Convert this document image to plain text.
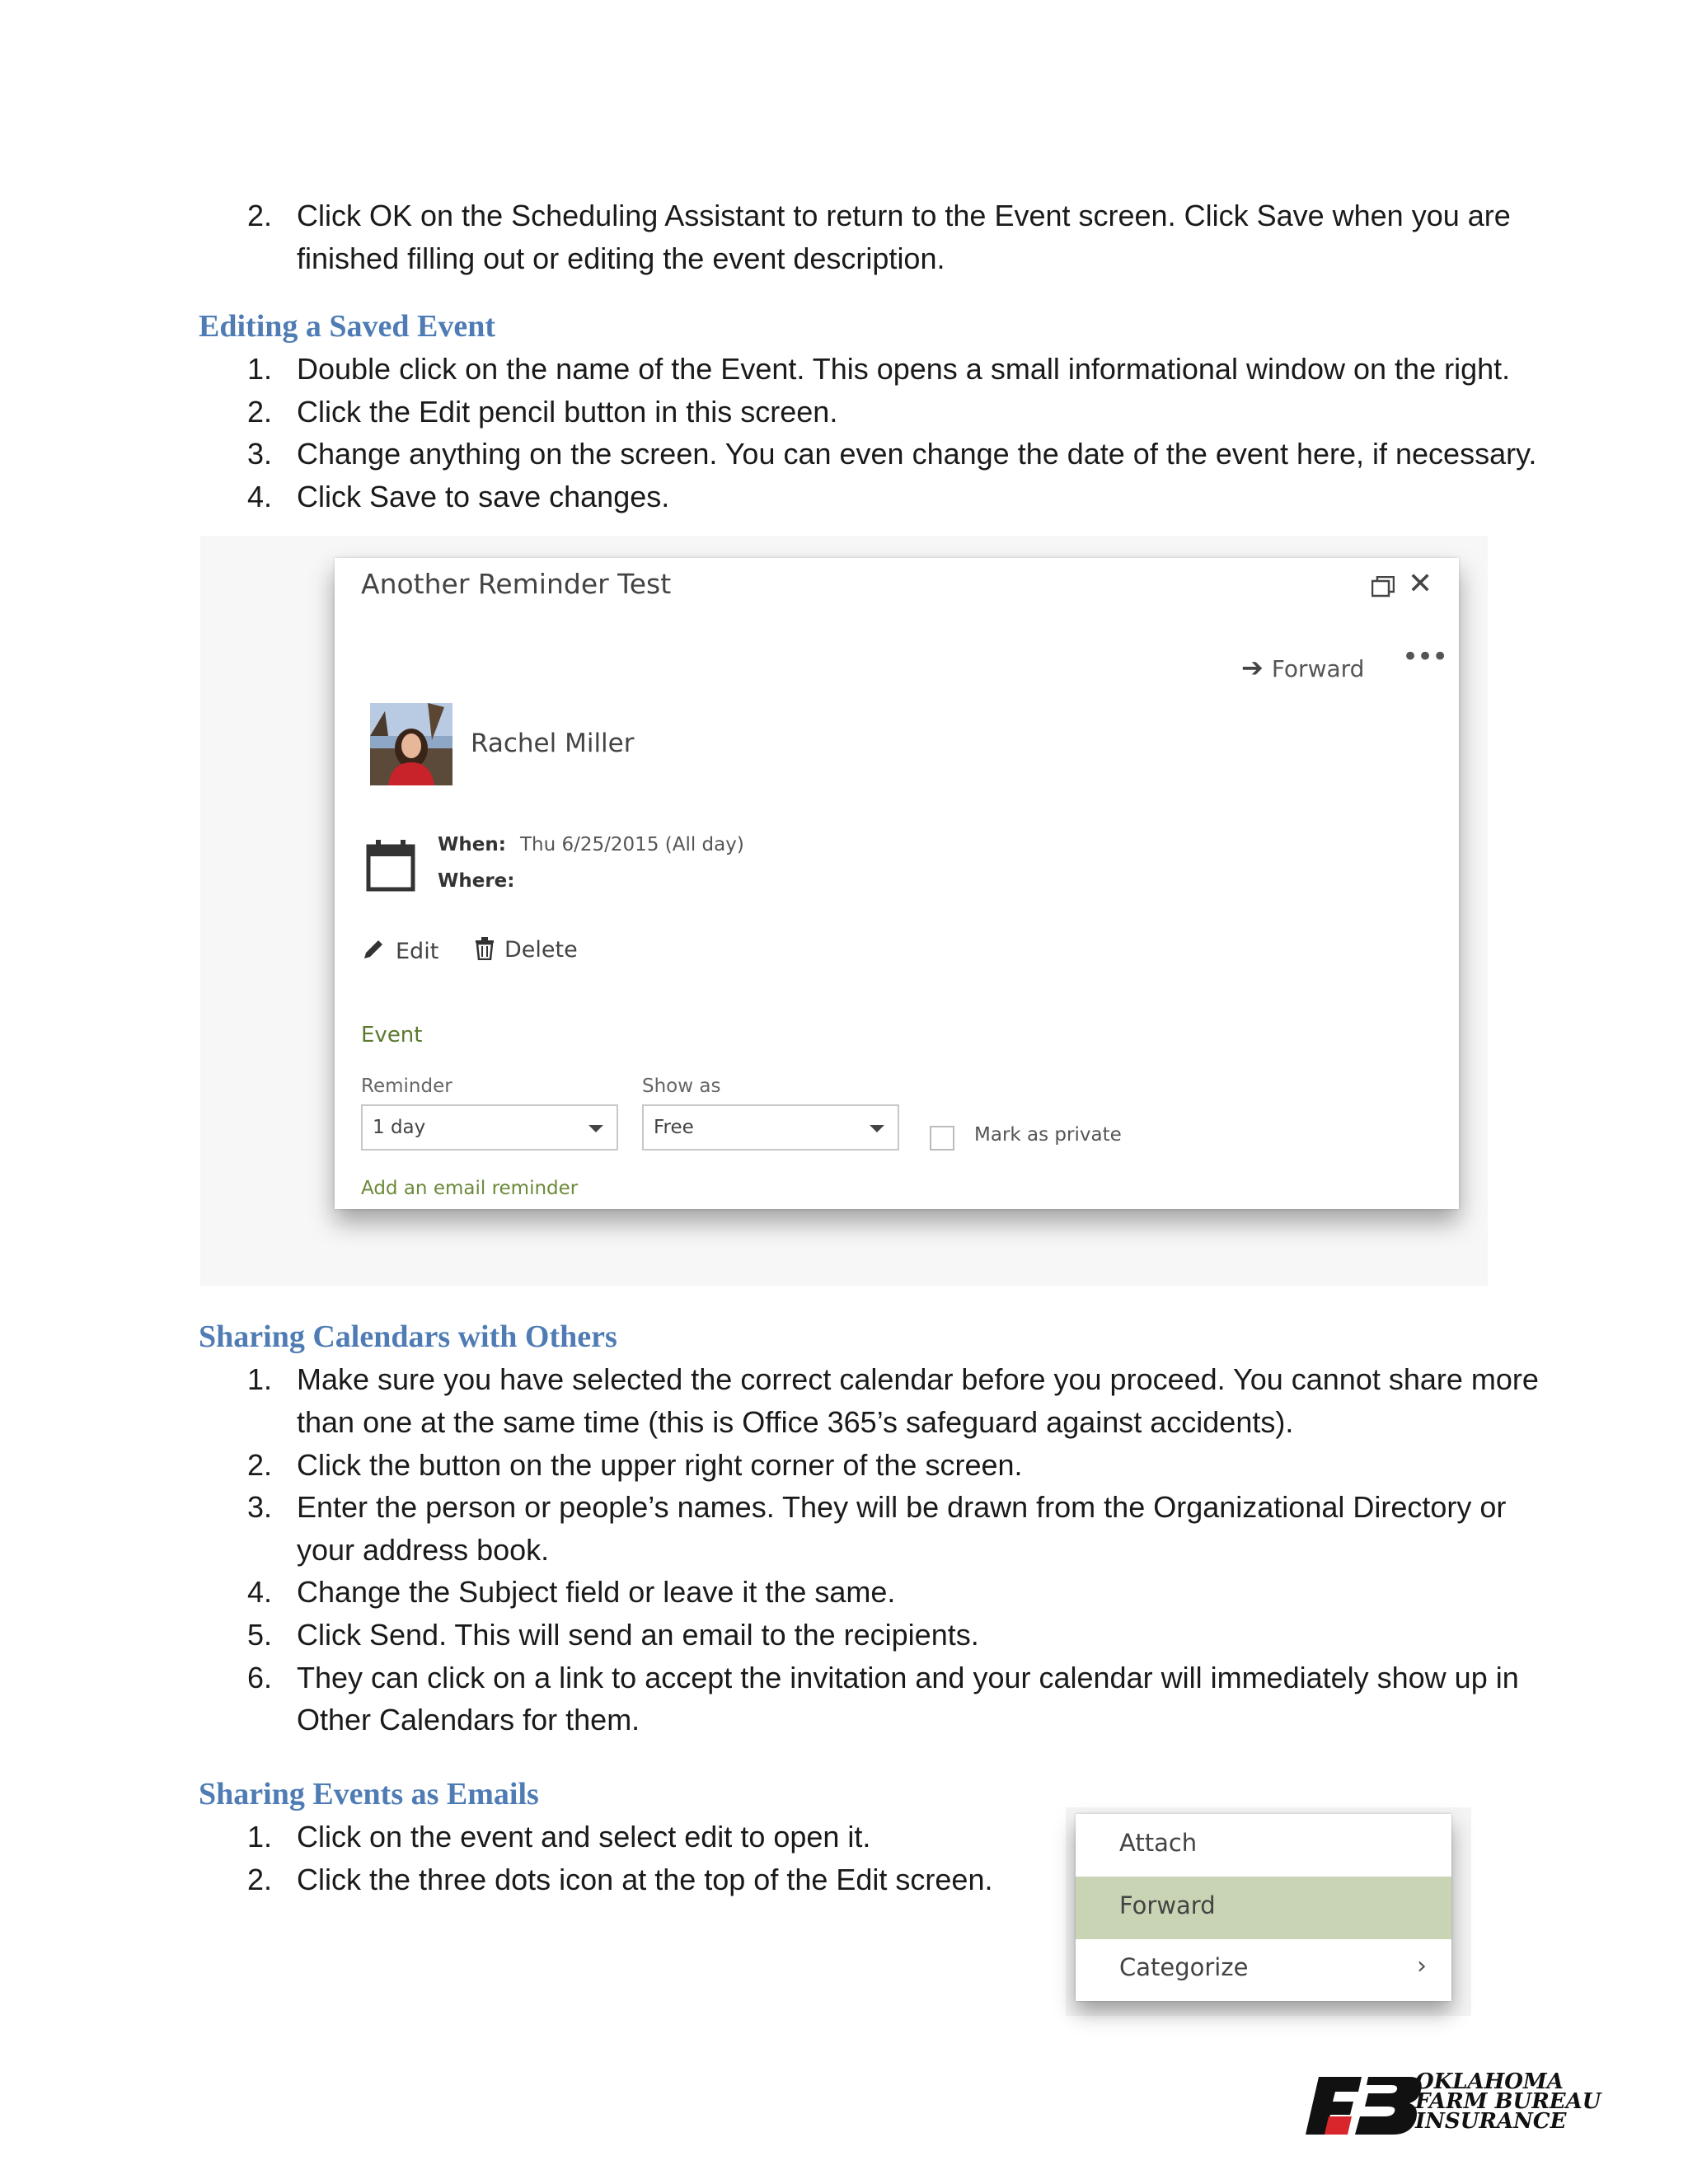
2. Click OK on the Scheduling Assistant to return to the Event screen. Click Save when you are
finished filling out or editing the event description.
Editing a Saved Event
1. Double click on the name of the Event. This opens a small informational window on the right.
2. Click the Edit pencil button in this screen.
3. Change anything on the screen. You can even change the date of the event here, if necessary.
4. Click Save to save changes.
Another Reminder Test	✕
➔ Forward •••
Rachel Miller
When: Thu 6/25/2015 (All day)
Where:
Edit	Delete
Event
Reminder
1 day
Show as
Free	Mark as private
Add an email reminder
Sharing Calendars with Others
1. Make sure you have selected the correct calendar before you proceed. You cannot share more
than one at the same time (this is Office 365’s safeguard against accidents).
2. Click the button on the upper right corner of the screen.
3. Enter the person or people’s names. They will be drawn from the Organizational Directory or
your address book.
4. Change the Subject field or leave it the same.
5. Click Send. This will send an email to the recipients.
6. They can click on a link to accept the invitation and your calendar will immediately show up in
Other Calendars for them.
Sharing Events as Emails
1. Click on the event and select edit to open it.
2. Click the three dots icon at the top of the Edit screen.
Attach
Forward
Categorize	›
OKLAHOMA
FARM BUREAU
INSURANCE
